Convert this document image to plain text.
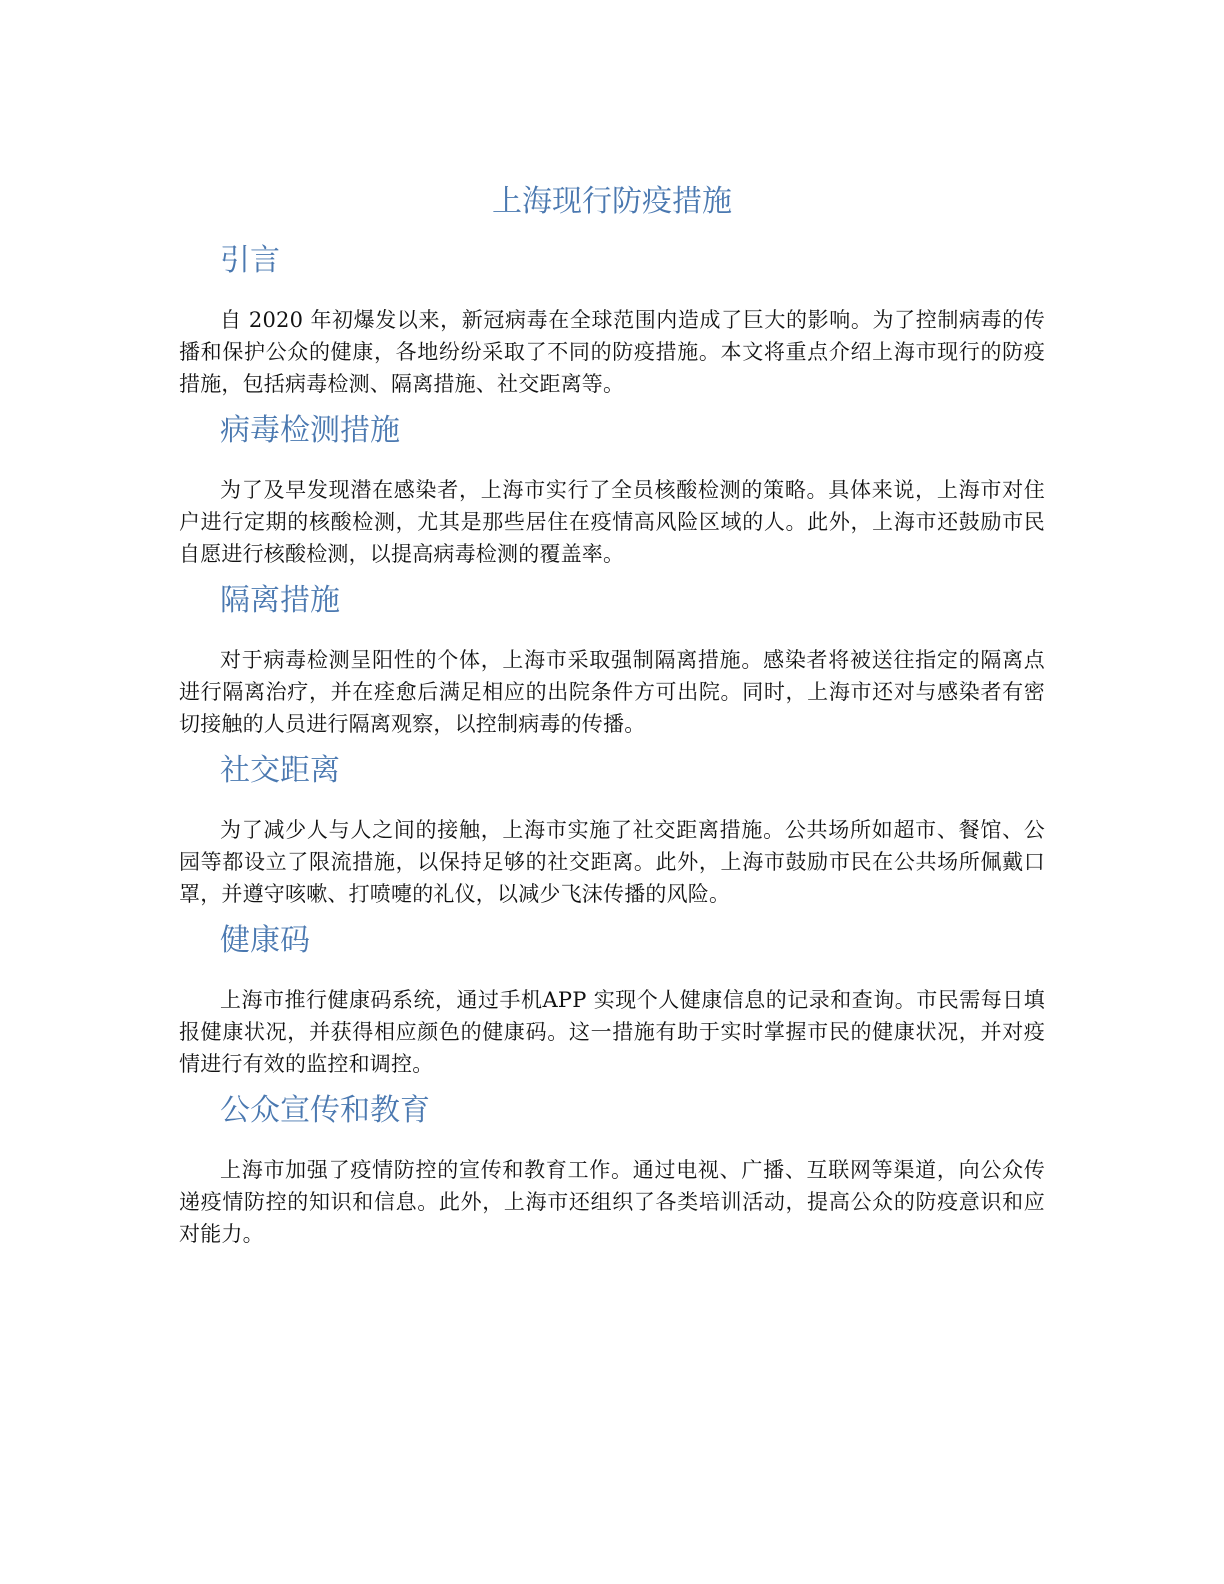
上海现行防疫措施
引言

自 2020 年初爆发以来，新冠病毒在全球范围内造成了巨大的影响。为了控制病毒的传播和保护公众的健康，各地纷纷采取了不同的防疫措施。本文将重点介绍上海市现行的防疫措施，包括病毒检测、隔离措施、社交距离等。

病毒检测措施

为了及早发现潜在感染者，上海市实行了全员核酸检测的策略。具体来说，上海市对住户进行定期的核酸检测，尤其是那些居住在疫情高风险区域的人。此外，上海市还鼓励市民自愿进行核酸检测，以提高病毒检测的覆盖率。

隔离措施

对于病毒检测呈阳性的个体，上海市采取强制隔离措施。感染者将被送往指定的隔离点进行隔离治疗，并在痊愈后满足相应的出院条件方可出院。同时，上海市还对与感染者有密切接触的人员进行隔离观察，以控制病毒的传播。

社交距离

为了减少人与人之间的接触，上海市实施了社交距离措施。公共场所如超市、餐馆、公园等都设立了限流措施，以保持足够的社交距离。此外，上海市鼓励市民在公共场所佩戴口罩，并遵守咳嗽、打喷嚏的礼仪，以减少飞沫传播的风险。

健康码

上海市推行健康码系统，通过手机APP 实现个人健康信息的记录和查询。市民需每日填报健康状况，并获得相应颜色的健康码。这一措施有助于实时掌握市民的健康状况，并对疫情进行有效的监控和调控。

公众宣传和教育

上海市加强了疫情防控的宣传和教育工作。通过电视、广播、互联网等渠道，向公众传递疫情防控的知识和信息。此外，上海市还组织了各类培训活动，提高公众的防疫意识和应对能力。
